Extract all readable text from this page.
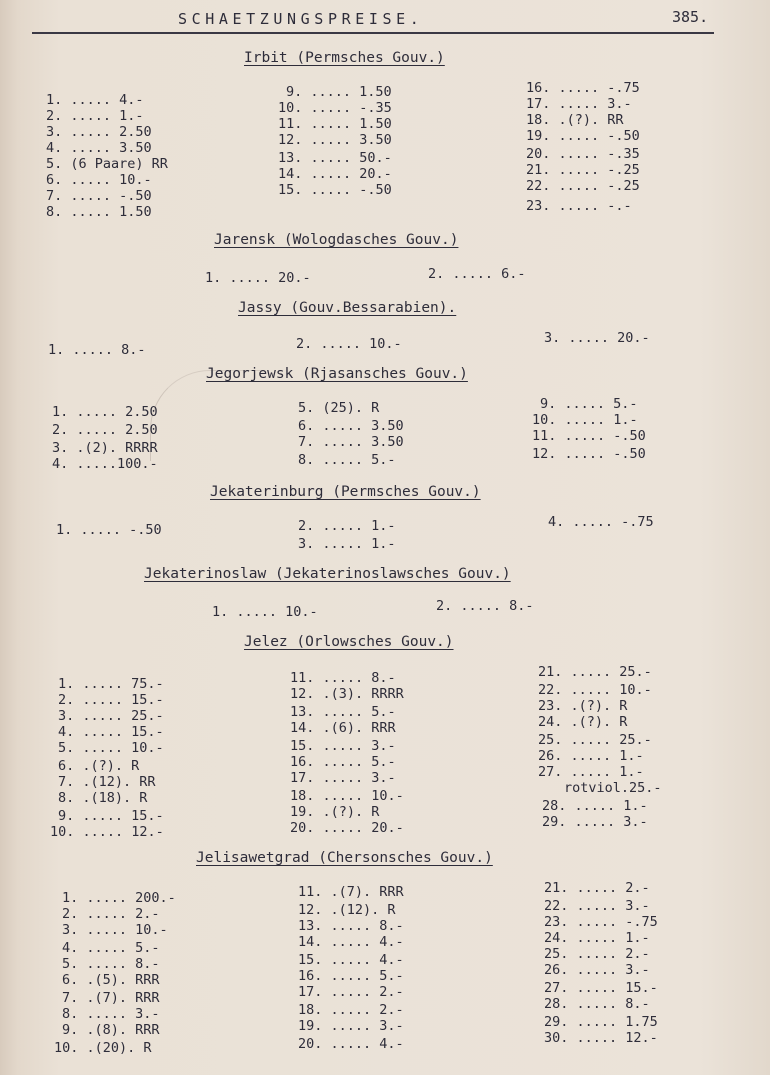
SCHAETZUNGSPREISE.	385.
Irbit (Permsches Gouv.)
1. ..... 4.-
2. ..... 1.-
3. ..... 2.50
4. ..... 3.50
5. (6 Paare) RR
6. ..... 10.-
7. ..... -.50
8. ..... 1.50
9. ..... 1.50
10. ..... -.35
11. ..... 1.50
12. ..... 3.50
13. ..... 50.-
14. ..... 20.-
15. ..... -.50
16. ..... -.75
17. ..... 3.-
18. .(?). RR
19. ..... -.50
20. ..... -.35
21. ..... -.25
22. ..... -.25
23. ..... -.-
Jarensk (Wologdasches Gouv.)
1. ..... 20.-	2. ..... 6.-
Jassy (Gouv.Bessarabien).
1. ..... 8.-	2. ..... 10.-	3. ..... 20.-
Jegorjewsk (Rjasansches Gouv.)
1. ..... 2.50
2. ..... 2.50
3. .(2). RRRR
4. .....100.-
5. (25). R
6. ..... 3.50
7. ..... 3.50
8. ..... 5.-
9. ..... 5.-
10. ..... 1.-
11. ..... -.50
12. ..... -.50
Jekaterinburg (Permsches Gouv.)
1. ..... -.50	2. ..... 1.-
3. ..... 1.-
4. ..... -.75
Jekaterinoslaw (Jekaterinoslawsches Gouv.)
1. ..... 10.-	2. ..... 8.-
Jelez (Orlowsches Gouv.)
1. ..... 75.-
2. ..... 15.-
3. ..... 25.-
4. ..... 15.-
5. ..... 10.-
6. .(?). R
7. .(12). RR
8. .(18). R
9. ..... 15.-
10. ..... 12.-
11. ..... 8.-
12. .(3). RRRR
13. ..... 5.-
14. .(6). RRR
15. ..... 3.-
16. ..... 5.-
17. ..... 3.-
18. ..... 10.-
19. .(?). R
20. ..... 20.-
21. ..... 25.-
22. ..... 10.-
23. .(?). R
24. .(?). R
25. ..... 25.-
26. ..... 1.-
27. ..... 1.-
rotviol.25.-
28. ..... 1.-
29. ..... 3.-
Jelisawetgrad (Chersonsches Gouv.)
1. ..... 200.-
2. ..... 2.-
3. ..... 10.-
4. ..... 5.-
5. ..... 8.-
6. .(5). RRR
7. .(7). RRR
8. ..... 3.-
9. .(8). RRR
10. .(20). R
11. .(7). RRR
12. .(12). R
13. ..... 8.-
14. ..... 4.-
15. ..... 4.-
16. ..... 5.-
17. ..... 2.-
18. ..... 2.-
19. ..... 3.-
20. ..... 4.-
21. ..... 2.-
22. ..... 3.-
23. ..... -.75
24. ..... 1.-
25. ..... 2.-
26. ..... 3.-
27. ..... 15.-
28. ..... 8.-
29. ..... 1.75
30. ..... 12.-
